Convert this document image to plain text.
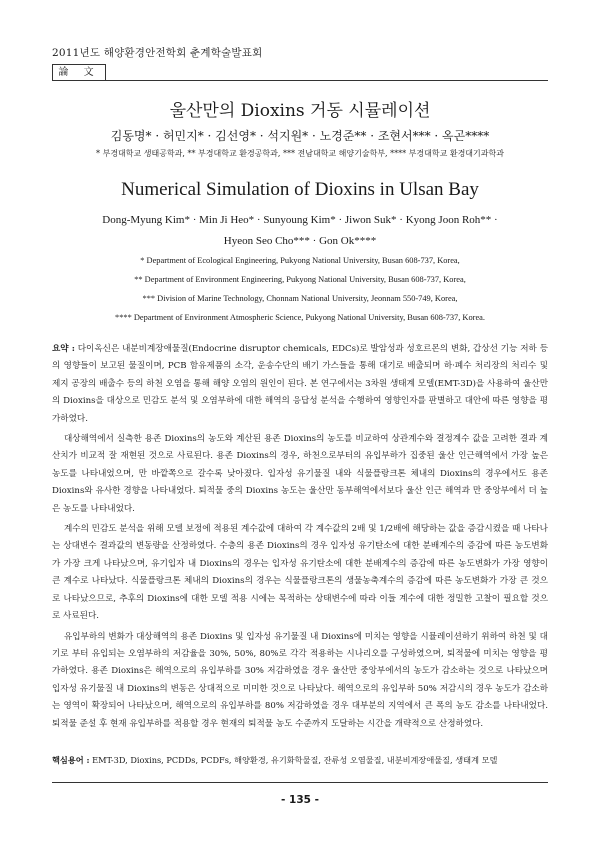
2011년도 해양환경안전학회 춘계학술발표회
論 文
울산만의 Dioxins 거동 시뮬레이션
김동명* · 허민지* · 김선영* · 석지원* · 노경준** · 조현서*** · 옥곤****
* 부경대학교 생태공학과, ** 부경대학교 환경공학과, *** 전남대학교 해양기술학부, **** 부경대학교 환경대기과학과
Numerical Simulation of Dioxins in Ulsan Bay
Dong-Myung Kim* · Min Ji Heo* · Sunyoung Kim* · Jiwon Suk* · Kyong Joon Roh** ·
Hyeon Seo Cho*** · Gon Ok****
* Department of Ecological Engineering, Pukyong National University, Busan 608-737, Korea,
** Department of Environment Engineering, Pukyong National University, Busan 608-737, Korea,
*** Division of Marine Technology, Chonnam National University, Jeonnam 550-749, Korea,
**** Department of Environment Atmospheric Science, Pukyong National University, Busan 608-737, Korea.

요약 : 다이옥신은 내분비계장애물질(Endocrine disruptor chemicals, EDCs)로 발암성과 성호르몬의 변화, 갑상선 기능 저하 등의 영향들이 보고된 물질이며, PCB 함유제품의 소각, 운송수단의 배기 가스들을 통해 대기로 배출되며 하·폐수 처리장의 처리수 및 제지 공장의 배출수 등의 하천 오염을 통해 해양 오염의 원인이 된다. 본 연구에서는 3차원 생태계 모델(EMT-3D)을 사용하여 울산만의 Dioxins을 대상으로 민감도 분석 및 오염부하에 대한 해역의 응답성 분석을 수행하여 영향인자를 판별하고 대안에 따른 영향을 평가하였다.

대상해역에서 실측한 용존 Dioxins의 농도와 계산된 용존 Dioxins의 농도를 비교하여 상관계수와 결정계수 값을 고려한 결과 계산치가 비교적 잘 재현된 것으로 사료된다. 용존 Dioxins의 경우, 하천으로부터의 유입부하가 집중된 울산 인근해역에서 가장 높은 농도를 나타내었으며, 만 바깥쪽으로 갈수록 낮아졌다. 입자성 유기물질 내와 식물플랑크톤 체내의 Dioxins의 경우에서도 용존 Dioxins와 유사한 경향을 나타내었다. 퇴적물 중의 Dioxins 농도는 울산만 동부해역에서보다 울산 인근 해역과 만 중앙부에서 더 높은 농도를 나타내었다.

계수의 민감도 분석을 위해 모델 보정에 적용된 계수값에 대하여 각 계수값의 2배 및 1/2배에 해당하는 값을 증감시켰을 때 나타나는 상대변수 결과값의 변동량을 산정하였다. 수층의 용존 Dioxins의 경우 입자성 유기탄소에 대한 분배계수의 증감에 따른 농도변화가 가장 크게 나타났으며, 유기입자 내 Dioxins의 경우는 입자성 유기탄소에 대한 분배계수의 증감에 따른 농도변화가 가장 영향이 큰 계수로 나타났다. 식물플랑크톤 체내의 Dioxins의 경우는 식물플랑크톤의 생물농축계수의 증감에 따른 농도변화가 가장 큰 것으로 나타났으므로, 추후의 Dioxins에 대한 모델 적용 시에는 목적하는 상태변수에 따라 이들 계수에 대한 정밀한 고찰이 필요할 것으로 사료된다.

유입부하의 변화가 대상해역의 용존 Dioxins 및 입자성 유기물질 내 Dioxins에 미치는 영향을 시뮬레이션하기 위하여 하천 및 대기로 부터 유입되는 오염부하의 저감율을 30%, 50%, 80%로 각각 적용하는 시나리오를 구성하였으며, 퇴적물에 미치는 영향을 평가하였다. 용존 Dioxins은 해역으로의 유입부하를 30% 저감하였을 경우 울산만 중앙부에서의 농도가 감소하는 것으로 나타났으며 입자성 유기물질 내 Dioxins의 변동은 상대적으로 미미한 것으로 나타났다. 해역으로의 유입부하 50% 저감시의 경우 농도가 감소하는 영역이 확장되어 나타났으며, 해역으로의 유입부하를 80% 저감하였을 경우 대부분의 지역에서 큰 폭의 농도 감소를 나타내었다. 퇴적물 준설 후 현재 유입부하를 적용할 경우 현재의 퇴적물 농도 수준까지 도달하는 시간을 개략적으로 산정하였다.

핵심용어 : EMT-3D, Dioxins, PCDDs, PCDFs, 해양환경, 유기화학물질, 잔류성 오염물질, 내분비계장애물질, 생태계 모델
- 135 -
